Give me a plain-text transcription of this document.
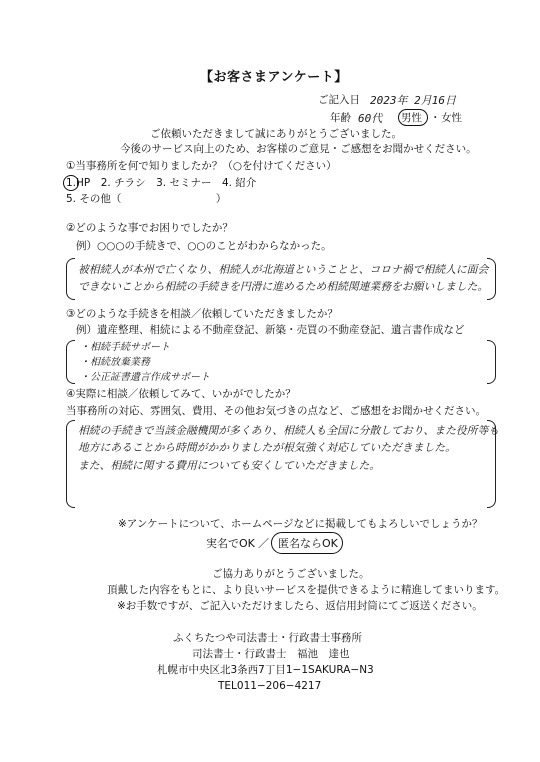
【お客さまアンケート】
ご記入日 2023年 2月16日
年齢 60代 男性 ・ 女性
ご依頼いただきまして誠にありがとうございました。
今後のサービス向上のため、お客様のご意見・ご感想をお聞かせください。
①当事務所を何で知りましたか？（○を付けてください）
1.HP　2. チラシ　3. セミナー　4. 紹介
5. その他（　　　　　　　　　）
②どのような事でお困りでしたか？
例）○○○の手続きで、○○のことがわからなかった。
被相続人が本州で亡くなり、相続人が北海道ということと、コロナ禍で相続人に面会
できないことから相続の手続きを円滑に進めるため相続関連業務をお願いしました。
③どのような手続きを相談／依頼していただきましたか？
例）遺産整理、相続による不動産登記、新築・売買の不動産登記、遺言書作成など
・相続手続サポート
・相続放棄業務
・公正証書遺言作成サポート
④実際に相談／依頼してみて、いかがでしたか？
当事務所の対応、雰囲気、費用、その他お気づきの点など、ご感想をお聞かせください。
相続の手続きで当該金融機関が多くあり、相続人も全国に分散しており、また役所等も
地方にあることから時間がかかりましたが根気強く対応していただきました。
また、相続に関する費用についても安くしていただきました。
※アンケートについて、ホームページなどに掲載してもよろしいでしょうか？
実名でOK ／ 匿名ならOK
ご協力ありがとうございました。
頂戴した内容をもとに、より良いサービスを提供できるように精進してまいります。
※お手数ですが、ご記入いただけましたら、返信用封筒にてご返送ください。
ふくちたつや司法書士・行政書士事務所
司法書士・行政書士　福池　達也
札幌市中央区北3条西7丁目1−1SAKURA−N3
TEL011−206−4217
